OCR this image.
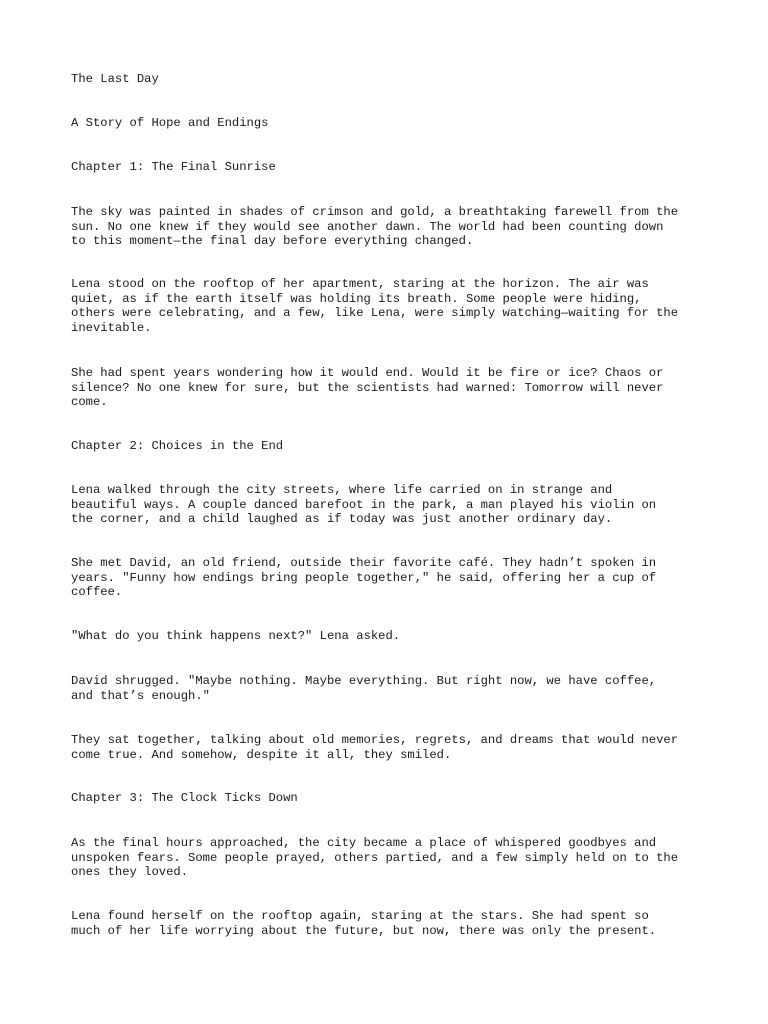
The Last Day

A Story of Hope and Endings

Chapter 1: The Final Sunrise

The sky was painted in shades of crimson and gold, a breathtaking farewell from the
sun. No one knew if they would see another dawn. The world had been counting down
to this moment—the final day before everything changed.

Lena stood on the rooftop of her apartment, staring at the horizon. The air was
quiet, as if the earth itself was holding its breath. Some people were hiding,
others were celebrating, and a few, like Lena, were simply watching—waiting for the
inevitable.

She had spent years wondering how it would end. Would it be fire or ice? Chaos or
silence? No one knew for sure, but the scientists had warned: Tomorrow will never
come.

Chapter 2: Choices in the End

Lena walked through the city streets, where life carried on in strange and
beautiful ways. A couple danced barefoot in the park, a man played his violin on
the corner, and a child laughed as if today was just another ordinary day.

She met David, an old friend, outside their favorite café. They hadn’t spoken in
years. "Funny how endings bring people together," he said, offering her a cup of
coffee.

"What do you think happens next?" Lena asked.

David shrugged. "Maybe nothing. Maybe everything. But right now, we have coffee,
and that’s enough."

They sat together, talking about old memories, regrets, and dreams that would never
come true. And somehow, despite it all, they smiled.

Chapter 3: The Clock Ticks Down

As the final hours approached, the city became a place of whispered goodbyes and
unspoken fears. Some people prayed, others partied, and a few simply held on to the
ones they loved.

Lena found herself on the rooftop again, staring at the stars. She had spent so
much of her life worrying about the future, but now, there was only the present.
